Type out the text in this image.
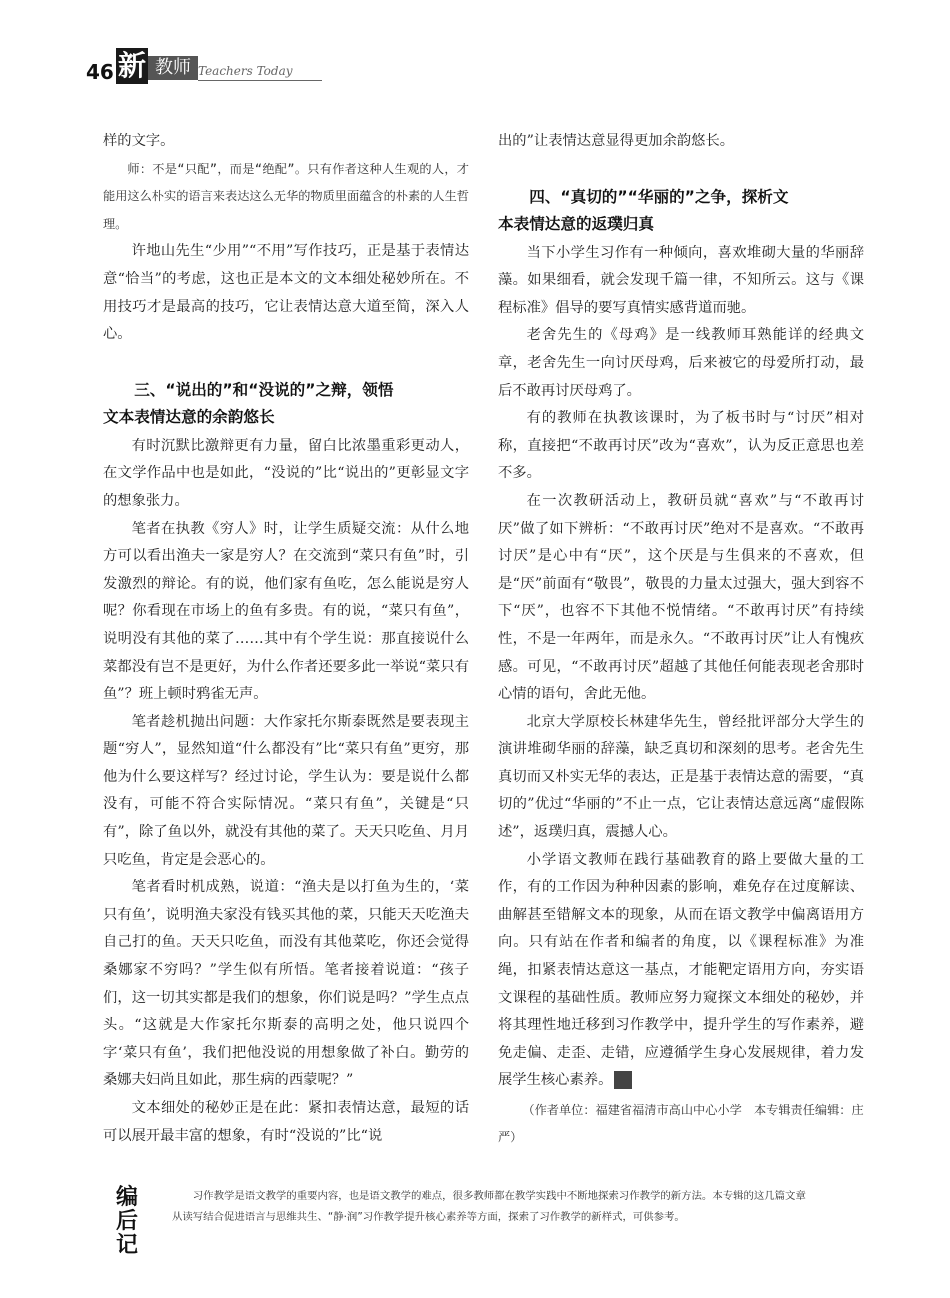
46 新 教师 Teachers Today

样的文字。

师：不是“只配”，而是“绝配”。只有作者这种人生观的人，才能用这么朴实的语言来表达这么无华的物质里面蕴含的朴素的人生哲理。

许地山先生“少用”“不用”写作技巧，正是基于表情达意“恰当”的考虑，这也正是本文的文本细处秘妙所在。不用技巧才是最高的技巧，它让表情达意大道至简，深入人心。

三、“说出的”和“没说的”之辩，领悟
文本表情达意的余韵悠长

有时沉默比激辩更有力量，留白比浓墨重彩更动人，在文学作品中也是如此，“没说的”比“说出的”更彰显文字的想象张力。

笔者在执教《穷人》时，让学生质疑交流：从什么地方可以看出渔夫一家是穷人？在交流到“菜只有鱼”时，引发激烈的辩论。有的说，他们家有鱼吃，怎么能说是穷人呢？你看现在市场上的鱼有多贵。有的说，“菜只有鱼”，说明没有其他的菜了……其中有个学生说：那直接说什么菜都没有岂不是更好，为什么作者还要多此一举说“菜只有鱼”？班上顿时鸦雀无声。

笔者趁机抛出问题：大作家托尔斯泰既然是要表现主题“穷人”，显然知道“什么都没有”比“菜只有鱼”更穷，那他为什么要这样写？经过讨论，学生认为：要是说什么都没有，可能不符合实际情况。“菜只有鱼”，关键是“只有”，除了鱼以外，就没有其他的菜了。天天只吃鱼、月月只吃鱼，肯定是会恶心的。

笔者看时机成熟，说道：“渔夫是以打鱼为生的，‘菜只有鱼’，说明渔夫家没有钱买其他的菜，只能天天吃渔夫自己打的鱼。天天只吃鱼，而没有其他菜吃，你还会觉得桑娜家不穷吗？”学生似有所悟。笔者接着说道：“孩子们，这一切其实都是我们的想象，你们说是吗？”学生点点头。“这就是大作家托尔斯泰的高明之处，他只说四个字‘菜只有鱼’，我们把他没说的用想象做了补白。勤劳的桑娜夫妇尚且如此，那生病的西蒙呢？”

文本细处的秘妙正是在此：紧扣表情达意，最短的话可以展开最丰富的想象，有时“没说的”比“说

出的”让表情达意显得更加余韵悠长。

四、“真切的”“华丽的”之争，探析文
本表情达意的返璞归真

当下小学生习作有一种倾向，喜欢堆砌大量的华丽辞藻。如果细看，就会发现千篇一律，不知所云。这与《课程标准》倡导的要写真情实感背道而驰。

老舍先生的《母鸡》是一线教师耳熟能详的经典文章，老舍先生一向讨厌母鸡，后来被它的母爱所打动，最后不敢再讨厌母鸡了。

有的教师在执教该课时，为了板书时与“讨厌”相对称，直接把“不敢再讨厌”改为“喜欢”，认为反正意思也差不多。

在一次教研活动上，教研员就“喜欢”与“不敢再讨厌”做了如下辨析：“不敢再讨厌”绝对不是喜欢。“不敢再讨厌”是心中有“厌”，这个厌是与生俱来的不喜欢，但是“厌”前面有“敬畏”，敬畏的力量太过强大，强大到容不下“厌”，也容不下其他不悦情绪。“不敢再讨厌”有持续性，不是一年两年，而是永久。“不敢再讨厌”让人有愧疚感。可见，“不敢再讨厌”超越了其他任何能表现老舍那时心情的语句，舍此无他。

北京大学原校长林建华先生，曾经批评部分大学生的演讲堆砌华丽的辞藻，缺乏真切和深刻的思考。老舍先生真切而又朴实无华的表达，正是基于表情达意的需要，“真切的”优过“华丽的”不止一点，它让表情达意远离“虚假陈述”，返璞归真，震撼人心。

小学语文教师在践行基础教育的路上要做大量的工作，有的工作因为种种因素的影响，难免存在过度解读、曲解甚至错解文本的现象，从而在语文教学中偏离语用方向。只有站在作者和编者的角度，以《课程标准》为准绳，扣紧表情达意这一基点，才能靶定语用方向，夯实语文课程的基础性质。教师应努力窥探文本细处的秘妙，并将其理性地迁移到习作教学中，提升学生的写作素养，避免走偏、走歪、走错，应遵循学生身心发展规律，着力发展学生核心素养。	新

（作者单位：福建省福清市高山中心小学　本专辑责任编辑：庄严）
编后记
习作教学是语文教学的重要内容，也是语文教学的难点，很多教师都在教学实践中不断地探索习作教学的新方法。本专辑的这几篇文章从读写结合促进语言与思维共生、“静·润”习作教学提升核心素养等方面，探索了习作教学的新样式，可供参考。
